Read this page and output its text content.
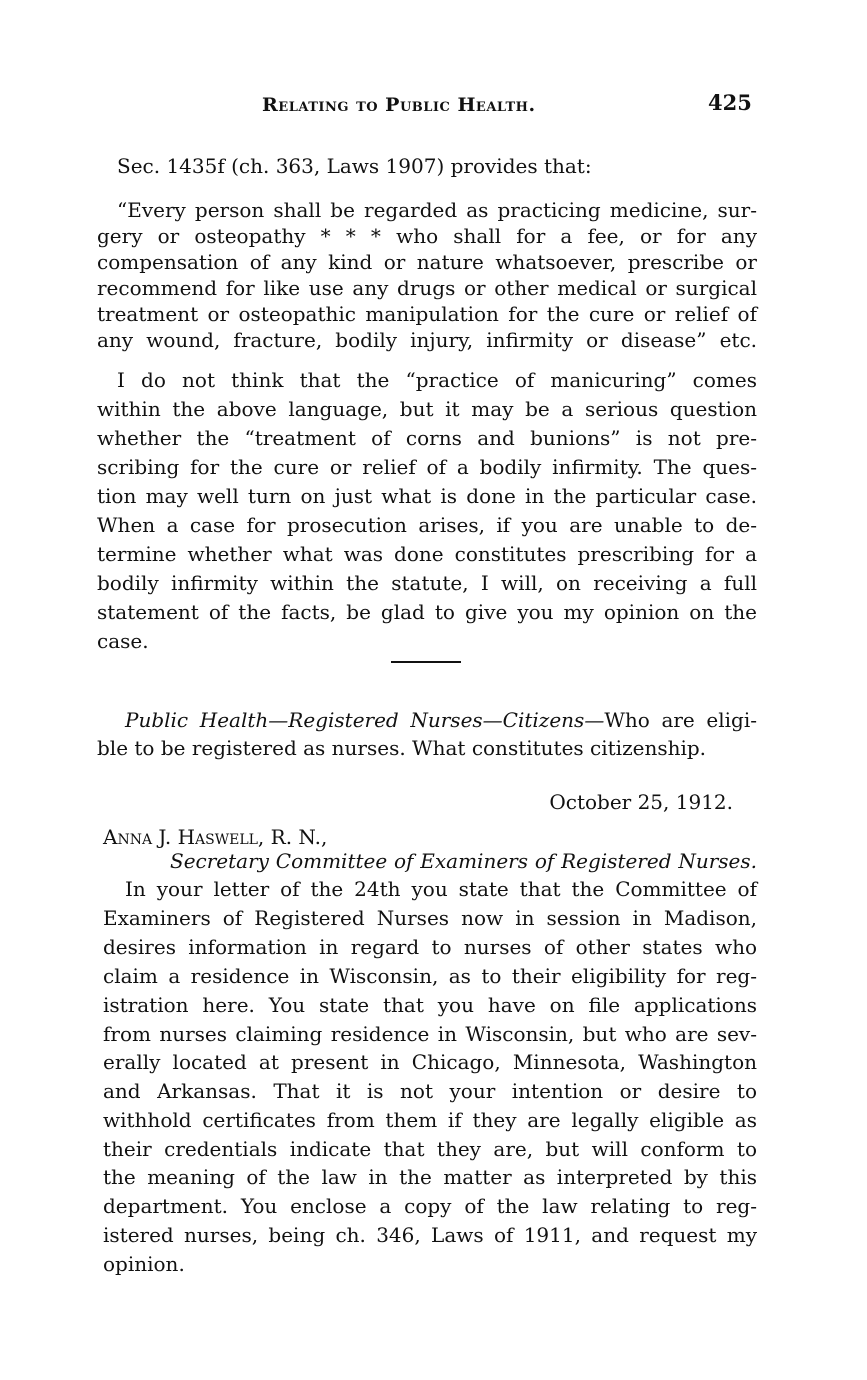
Relating to Public Health.	425
Sec. 1435f (ch. 363, Laws 1907) provides that:
“Every person shall be regarded as practicing medicine, sur-
gery or osteopathy * * * who shall for a fee, or for any
compensation of any kind or nature whatsoever, prescribe or
recommend for like use any drugs or other medical or surgical
treatment or osteopathic manipulation for the cure or relief of
any wound, fracture, bodily injury, infirmity or disease” etc.
I do not think that the “practice of manicuring” comes
within the above language, but it may be a serious question
whether the “treatment of corns and bunions” is not pre-
scribing for the cure or relief of a bodily infirmity. The ques-
tion may well turn on just what is done in the particular case.
When a case for prosecution arises, if you are unable to de-
termine whether what was done constitutes prescribing for a
bodily infirmity within the statute, I will, on receiving a full
statement of the facts, be glad to give you my opinion on the
case.
Public Health—Registered Nurses—Citizens—Who are eligi-
ble to be registered as nurses. What constitutes citizenship.
October 25, 1912.
Anna J. Haswell, R. N.,
Secretary Committee of Examiners of Registered Nurses.
In your letter of the 24th you state that the Committee of
Examiners of Registered Nurses now in session in Madison,
desires information in regard to nurses of other states who
claim a residence in Wisconsin, as to their eligibility for reg-
istration here. You state that you have on file applications
from nurses claiming residence in Wisconsin, but who are sev-
erally located at present in Chicago, Minnesota, Washington
and Arkansas. That it is not your intention or desire to
withhold certificates from them if they are legally eligible as
their credentials indicate that they are, but will conform to
the meaning of the law in the matter as interpreted by this
department. You enclose a copy of the law relating to reg-
istered nurses, being ch. 346, Laws of 1911, and request my
opinion.
